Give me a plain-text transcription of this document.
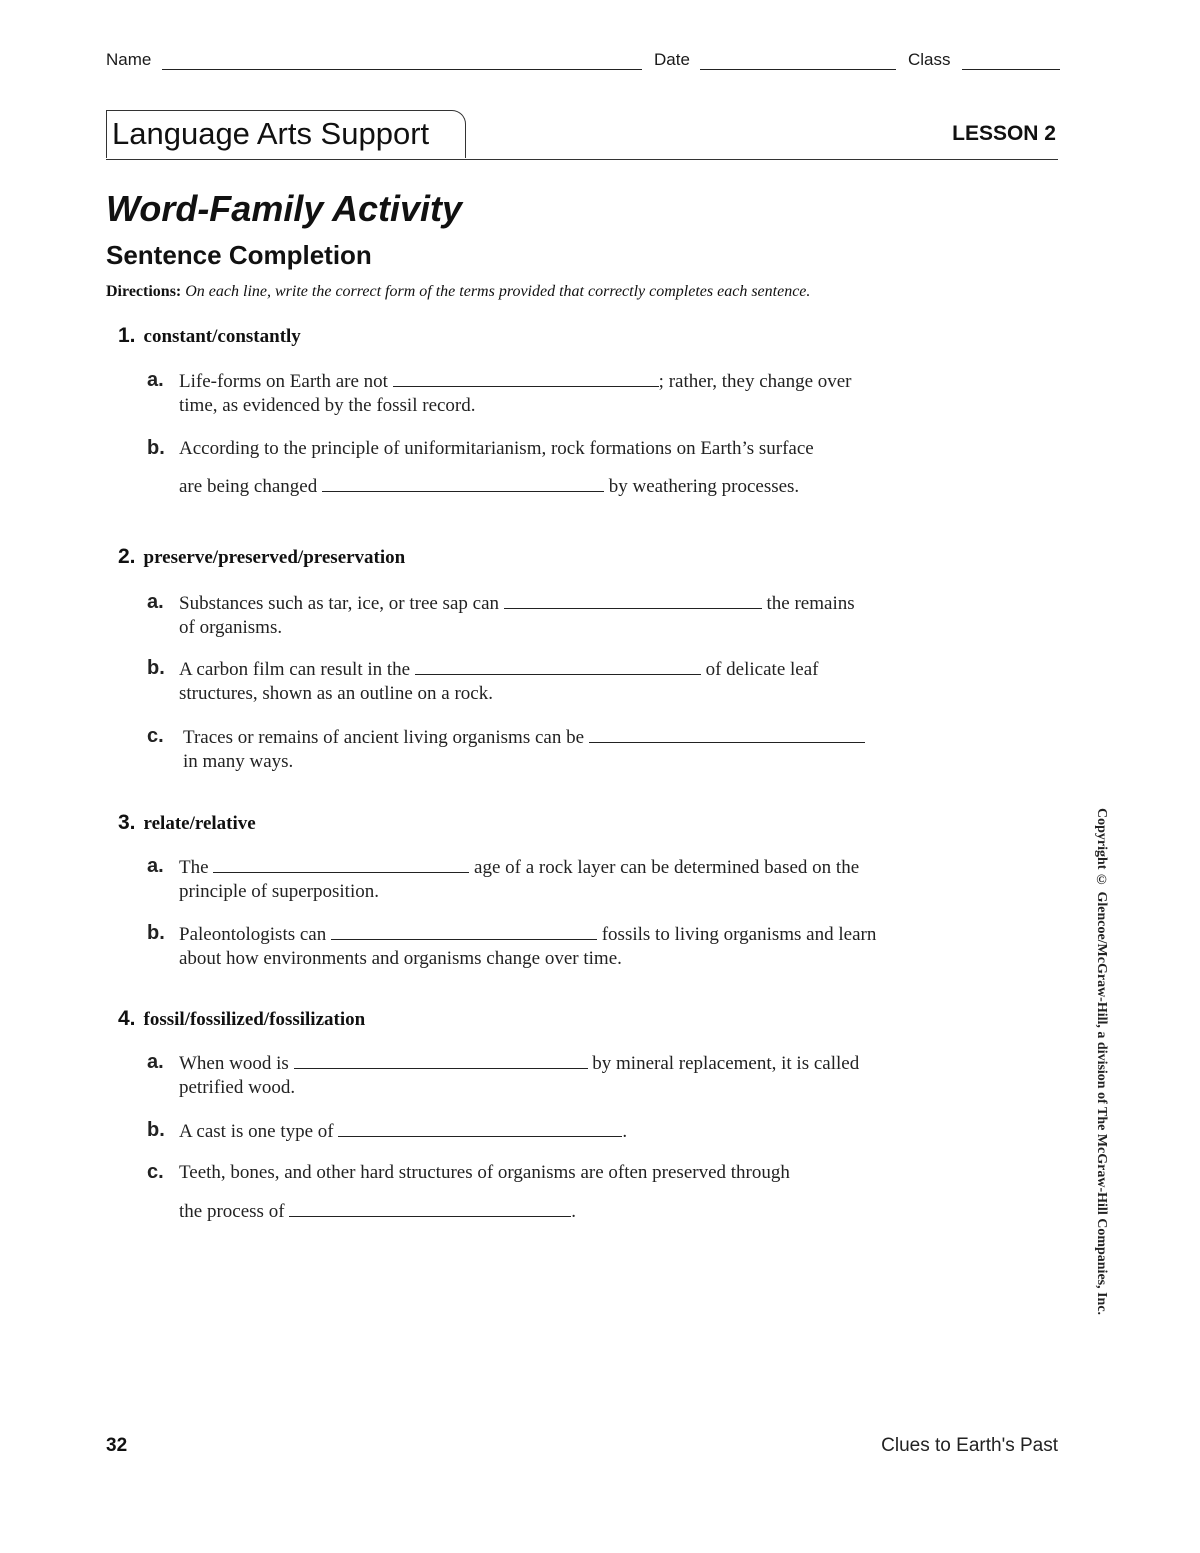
Name	Date	Class
Language Arts Support	LESSON 2
Word-Family Activity
Sentence Completion
Directions: On each line, write the correct form of the terms provided that correctly completes each sentence.
1. constant/constantly
a. Life-forms on Earth are not	; rather, they change over
time, as evidenced by the fossil record.
b. According to the principle of uniformitarianism, rock formations on Earth’s surface
are being changed	by weathering processes.
2. preserve/preserved/preservation
a. Substances such as tar, ice, or tree sap can	the remains
of organisms.
b. A carbon film can result in the	of delicate leaf
structures, shown as an outline on a rock.
c. Traces or remains of ancient living organisms can be
in many ways.
3. relate/relative
a. The	age of a rock layer can be determined based on the
principle of superposition.
b. Paleontologists can	fossils to living organisms and learn
about how environments and organisms change over time.
4. fossil/fossilized/fossilization
a. When wood is	by mineral replacement, it is called
petrified wood.
b. A cast is one type of	.
c. Teeth, bones, and other hard structures of organisms are often preserved through
the process of	.	Copyright © Glencoe/McGraw-Hill, a division of The McGraw-Hill Companies, Inc.
32	Clues to Earth's Past
